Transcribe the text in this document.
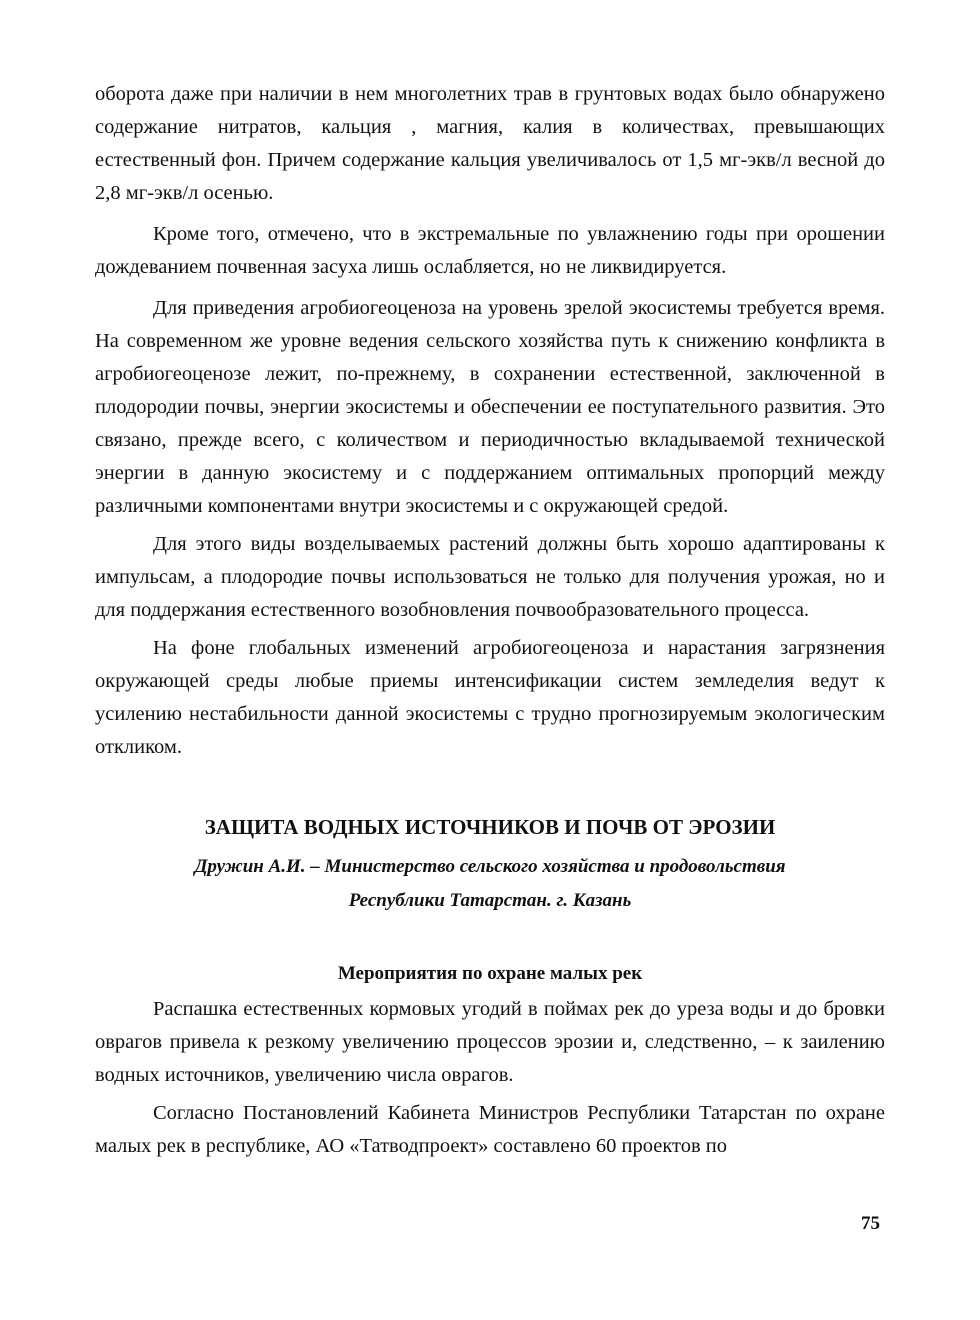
оборота даже при наличии в нем многолетних трав в грунтовых водах было обнаружено содержание нитратов, кальция , магния, калия в количествах, превышающих естественный фон. Причем содержание кальция увеличивалось от 1,5 мг-экв/л весной до 2,8 мг-экв/л осенью.

Кроме того, отмечено, что в экстремальные по увлажнению годы при орошении дождеванием почвенная засуха лишь ослабляется, но не ликвидируется.

Для приведения агробиогеоценоза на уровень зрелой экосистемы требуется время. На современном же уровне ведения сельского хозяйства путь к снижению конфликта в агробиогеоценозе лежит, по-прежнему, в сохранении естественной, заключенной в плодородии почвы, энергии экосистемы и обеспечении ее поступательного развития. Это связано, прежде всего, с количеством и периодичностью вкладываемой технической энергии в данную экосистему и с поддержанием оптимальных пропорций между различными компонентами внутри экосистемы и с окружающей средой.

Для этого виды возделываемых растений должны быть хорошо адаптированы к импульсам, а плодородие почвы использоваться не только для получения урожая, но и для поддержания естественного возобновления почвообразовательного процесса.

На фоне глобальных изменений агробиогеоценоза и нарастания загрязнения окружающей среды любые приемы интенсификации систем земледелия ведут к усилению нестабильности данной экосистемы с трудно прогнозируемым экологическим откликом.

ЗАЩИТА ВОДНЫХ ИСТОЧНИКОВ И ПОЧВ ОТ ЭРОЗИИ
Дружин А.И. – Министерство сельского хозяйства и продовольствия
Республики Татарстан. г. Казань
Мероприятия по охране малых рек

Распашка естественных кормовых угодий в поймах рек до уреза воды и до бровки оврагов привела к резкому увеличению процессов эрозии и, следственно, – к заилению водных источников, увеличению числа оврагов.

Согласно Постановлений Кабинета Министров Республики Татарстан по охране малых рек в республике, АО «Татводпроект» составлено 60 проектов по

75
